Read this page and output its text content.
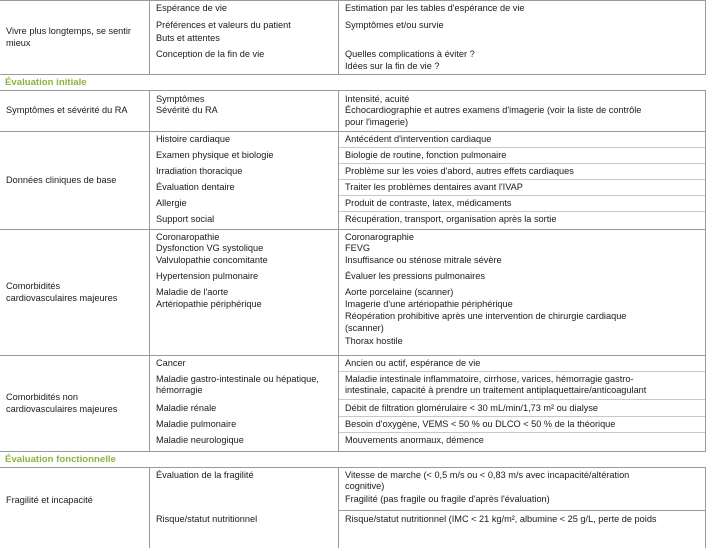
Vivre plus longtemps, se sentir mieux
Espérance de vie
Préférences et valeurs du patient
Buts et attentes
Conception de la fin de vie
Estimation par les tables d'espérance de vie
Symptômes et/ou survie
Quelles complications à éviter ?
Idées sur la fin de vie ?
Évaluation initiale
Symptômes et sévérité du RA
Symptômes
Sévérité du RA
Intensité, acuité
Échocardiographie et autres examens d'imagerie (voir la liste de contrôle
pour l'imagerie)
Données cliniques de base
Histoire cardiaque
Examen physique et biologie
Irradiation thoracique
Évaluation dentaire
Allergie
Support social
Antécédent d'intervention cardiaque
Biologie de routine, fonction pulmonaire
Problème sur les voies d'abord, autres effets cardiaques
Traiter les problèmes dentaires avant l'IVAP
Produit de contraste, latex, médicaments
Récupération, transport, organisation après la sortie
Comorbidités cardiovasculaires majeures
Coronaropathie
Dysfonction VG systolique
Valvulopathie concomitante
Hypertension pulmonaire
Maladie de l'aorte
Artériopathie périphérique
Coronarographie
FEVG
Insuffisance ou sténose mitrale sévère
Évaluer les pressions pulmonaires
Aorte porcelaine (scanner)
Imagerie d'une artériopathie périphérique
Réopération prohibitive après une intervention de chirurgie cardiaque
(scanner)
Thorax hostile
Comorbidités non cardiovasculaires majeures
Cancer
Maladie gastro-intestinale ou hépatique,
hémorragie
Maladie rénale
Maladie pulmonaire
Maladie neurologique
Ancien ou actif, espérance de vie
Maladie intestinale inflammatoire, cirrhose, varices, hémorragie gastro-
intestinale, capacité à prendre un traitement antiplaquettaire/anticoagulant
Débit de filtration glomérulaire < 30 mL/min/1,73 m² ou dialyse
Besoin d'oxygène, VEMS < 50 % ou DLCO < 50 % de la théorique
Mouvements anormaux, démence
Évaluation fonctionnelle
Fragilité et incapacité
Évaluation de la fragilité
Risque/statut nutritionnel
Vitesse de marche (< 0,5 m/s ou < 0,83 m/s avec incapacité/altération
cognitive)
Fragilité (pas fragile ou fragile d'après l'évaluation)
Risque/statut nutritionnel (IMC < 21 kg/m², albumine < 25 g/L, perte de poids
